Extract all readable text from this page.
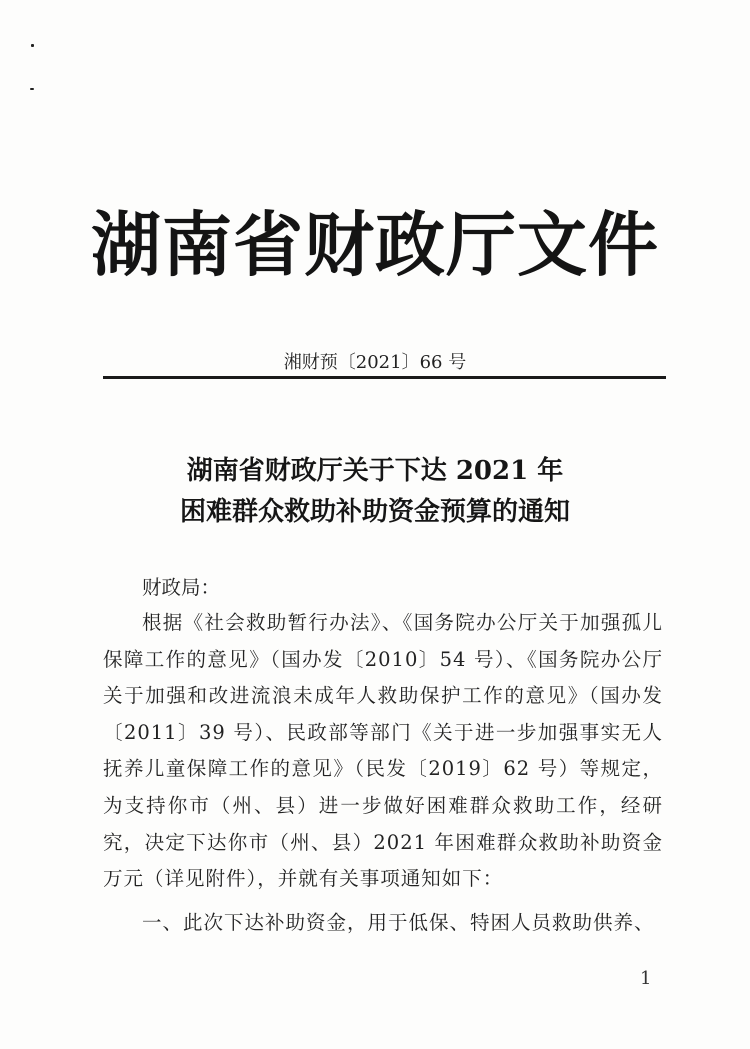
湖南省财政厅文件
湘财预〔2021〕66 号
湖南省财政厅关于下达 2021 年
困难群众救助补助资金预算的通知
财政局：
根据《社会救助暂行办法》、《国务院办公厅关于加强孤儿保障工作的意见》（国办发〔2010〕54 号）、《国务院办公厅关于加强和改进流浪未成年人救助保护工作的意见》（国办发〔2011〕39 号）、民政部等部门《关于进一步加强事实无人抚养儿童保障工作的意见》（民发〔2019〕62 号）等规定，为支持你市（州、县）进一步做好困难群众救助工作，经研究，决定下达你市（州、县）2021 年困难群众救助补助资金　　万元（详见附件），并就有关事项通知如下：
一、此次下达补助资金，用于低保、特困人员救助供养、
1
